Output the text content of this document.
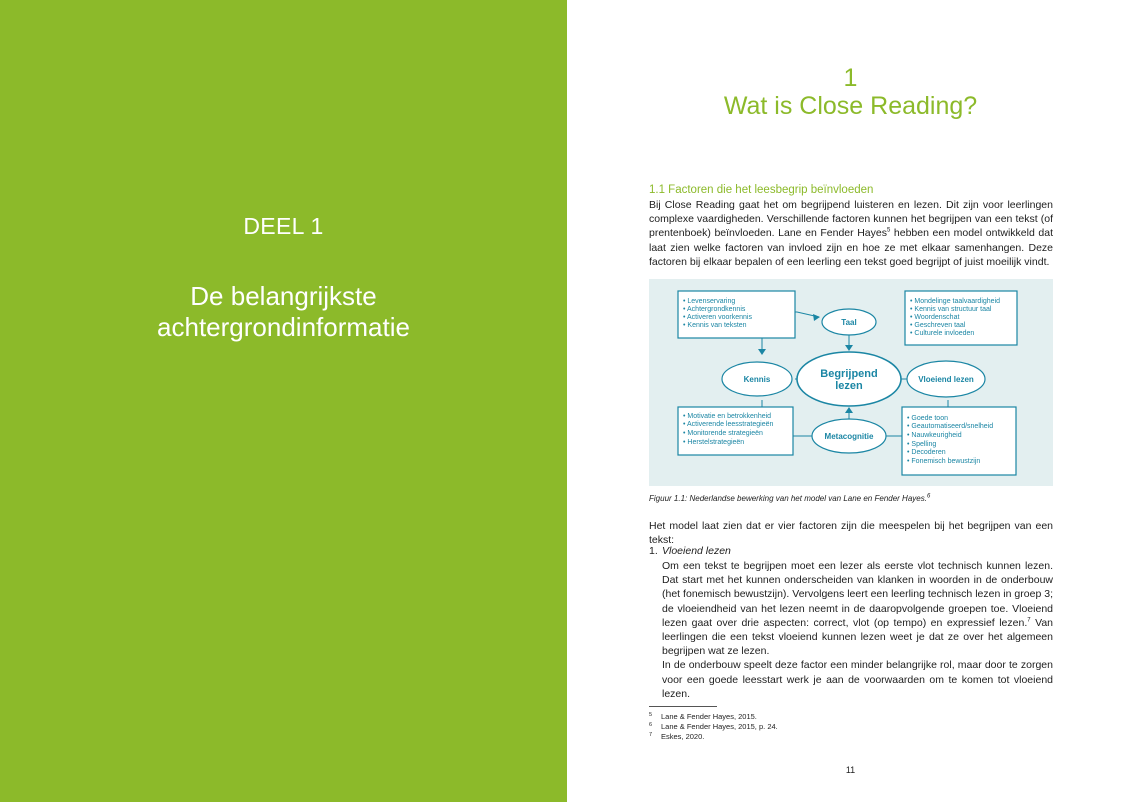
DEEL 1
De belangrijkste
achtergrondinformatie
1
Wat is Close Reading?
1.1 Factoren die het leesbegrip beïnvloeden

Bij Close Reading gaat het om begrijpend luisteren en lezen. Dit zijn voor leerlingen complexe vaardigheden. Verschillende factoren kunnen het begrijpen van een tekst (of prentenboek) beïnvloeden. Lane en Fender Hayes$^5$ hebben een model ontwikkeld dat laat zien welke factoren van invloed zijn en hoe ze met elkaar samenhangen. Deze factoren bij elkaar bepalen of een leerling een tekst goed begrijpt of juist moeilijk vindt.

Taal
Kennis	Vloeiend lezen
Metacognitie
Begrijpend
lezen
• Levenservaring
• Achtergrondkennis
• Activeren voorkennis
• Kennis van teksten
• Mondelinge taalvaardigheid
• Kennis van structuur taal
• Woordenschat
• Geschreven taal
• Culturele invloeden
• Motivatie en betrokkenheid
• Activerende leesstrategieën
• Monitorende strategieën
• Herstelstrategieën
• Goede toon
• Geautomatiseerd/snelheid
• Nauwkeurigheid
• Spelling
• Decoderen
• Fonemisch bewustzijn
Figuur 1.1: Nederlandse bewerking van het model van Lane en Fender Hayes.$^6$

Het model laat zien dat er vier factoren zijn die meespelen bij het begrijpen van een tekst:

1. Vloeiend lezen
Om een tekst te begrijpen moet een lezer als eerste vlot technisch kunnen lezen. Dat start met het kunnen onderscheiden van klanken in woorden in de onderbouw (het fonemisch bewustzijn). Vervolgens leert een leerling technisch lezen in groep 3; de vloeiendheid van het lezen neemt in de daaropvolgende groepen toe. Vloeiend lezen gaat over drie aspecten: correct, vlot (op tempo) en expressief lezen.$^7$ Van leerlingen die een tekst vloeiend kunnen lezen weet je dat ze over het algemeen begrijpen wat ze lezen.
In de onderbouw speelt deze factor een minder belangrijke rol, maar door te zorgen voor een goede leesstart werk je aan de voorwaarden om te komen tot vloeiend lezen.
5 Lane & Fender Hayes, 2015.
6 Lane & Fender Hayes, 2015, p. 24.
7 Eskes, 2020.
11
